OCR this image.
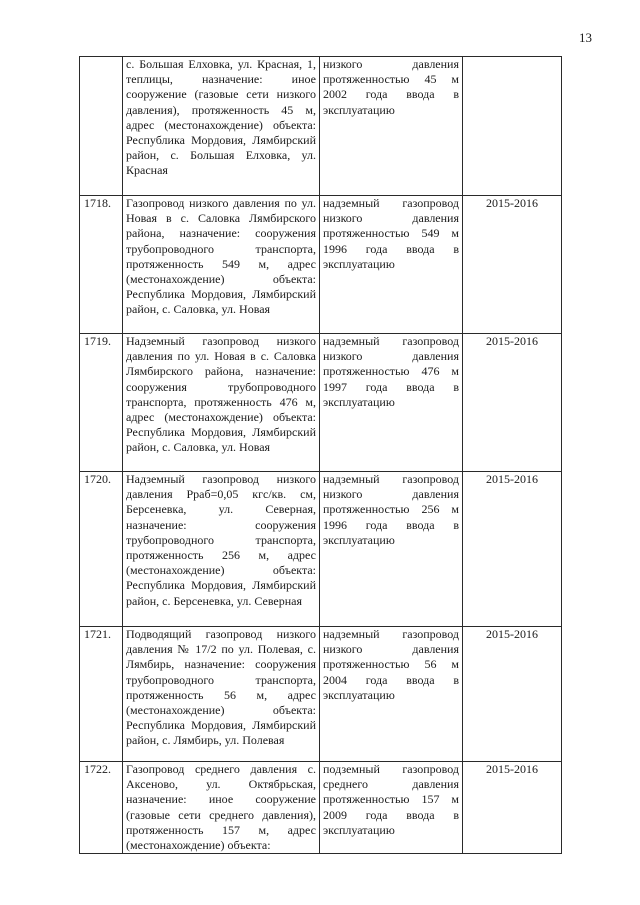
13
	с. Большая Елховка, ул. Красная, 1, теплицы, назначение: иное сооружение (газовые сети низкого давления), протяженность 45 м, адрес (местонахождение) объекта: Республика Мордовия, Лямбирский район, с. Большая Елховка, ул. Красная	низкого давления протяженностью 45 м 2002 года ввода в эксплуатацию	
1718.	Газопровод низкого давления по ул. Новая в с. Саловка Лямбирского района, назначение: сооружения трубопроводного транспорта, протяженность 549 м, адрес (местонахождение) объекта: Республика Мордовия, Лямбирский район, с. Саловка, ул. Новая	надземный газопровод низкого давления протяженностью 549 м 1996 года ввода в эксплуатацию	2015-2016
1719.	Надземный газопровод низкого давления по ул. Новая в с. Саловка Лямбирского района, назначение: сооружения трубопроводного транспорта, протяженность 476 м, адрес (местонахождение) объекта: Республика Мордовия, Лямбирский район, с. Саловка, ул. Новая	надземный газопровод низкого давления протяженностью 476 м 1997 года ввода в эксплуатацию	2015-2016
1720.	Надземный газопровод низкого давления Рраб=0,05 кгс/кв. см, Берсеневка, ул. Северная, назначение: сооружения трубопроводного транспорта, протяженность 256 м, адрес (местонахождение) объекта: Республика Мордовия, Лямбирский район, с. Берсеневка, ул. Северная	надземный газопровод низкого давления протяженностью 256 м 1996 года ввода в эксплуатацию	2015-2016
1721.	Подводящий газопровод низкого давления № 17/2 по ул. Полевая, с. Лямбирь, назначение: сооружения трубопроводного транспорта, протяженность 56 м, адрес (местонахождение) объекта: Республика Мордовия, Лямбирский район, с. Лямбирь, ул. Полевая	надземный газопровод низкого давления протяженностью 56 м 2004 года ввода в эксплуатацию	2015-2016
1722.	Газопровод среднего давления с. Аксеново, ул. Октябрьская, назначение: иное сооружение (газовые сети среднего давления), протяженность 157 м, адрес (местонахождение) объекта:	подземный газопровод среднего давления протяженностью 157 м 2009 года ввода в эксплуатацию	2015-2016
